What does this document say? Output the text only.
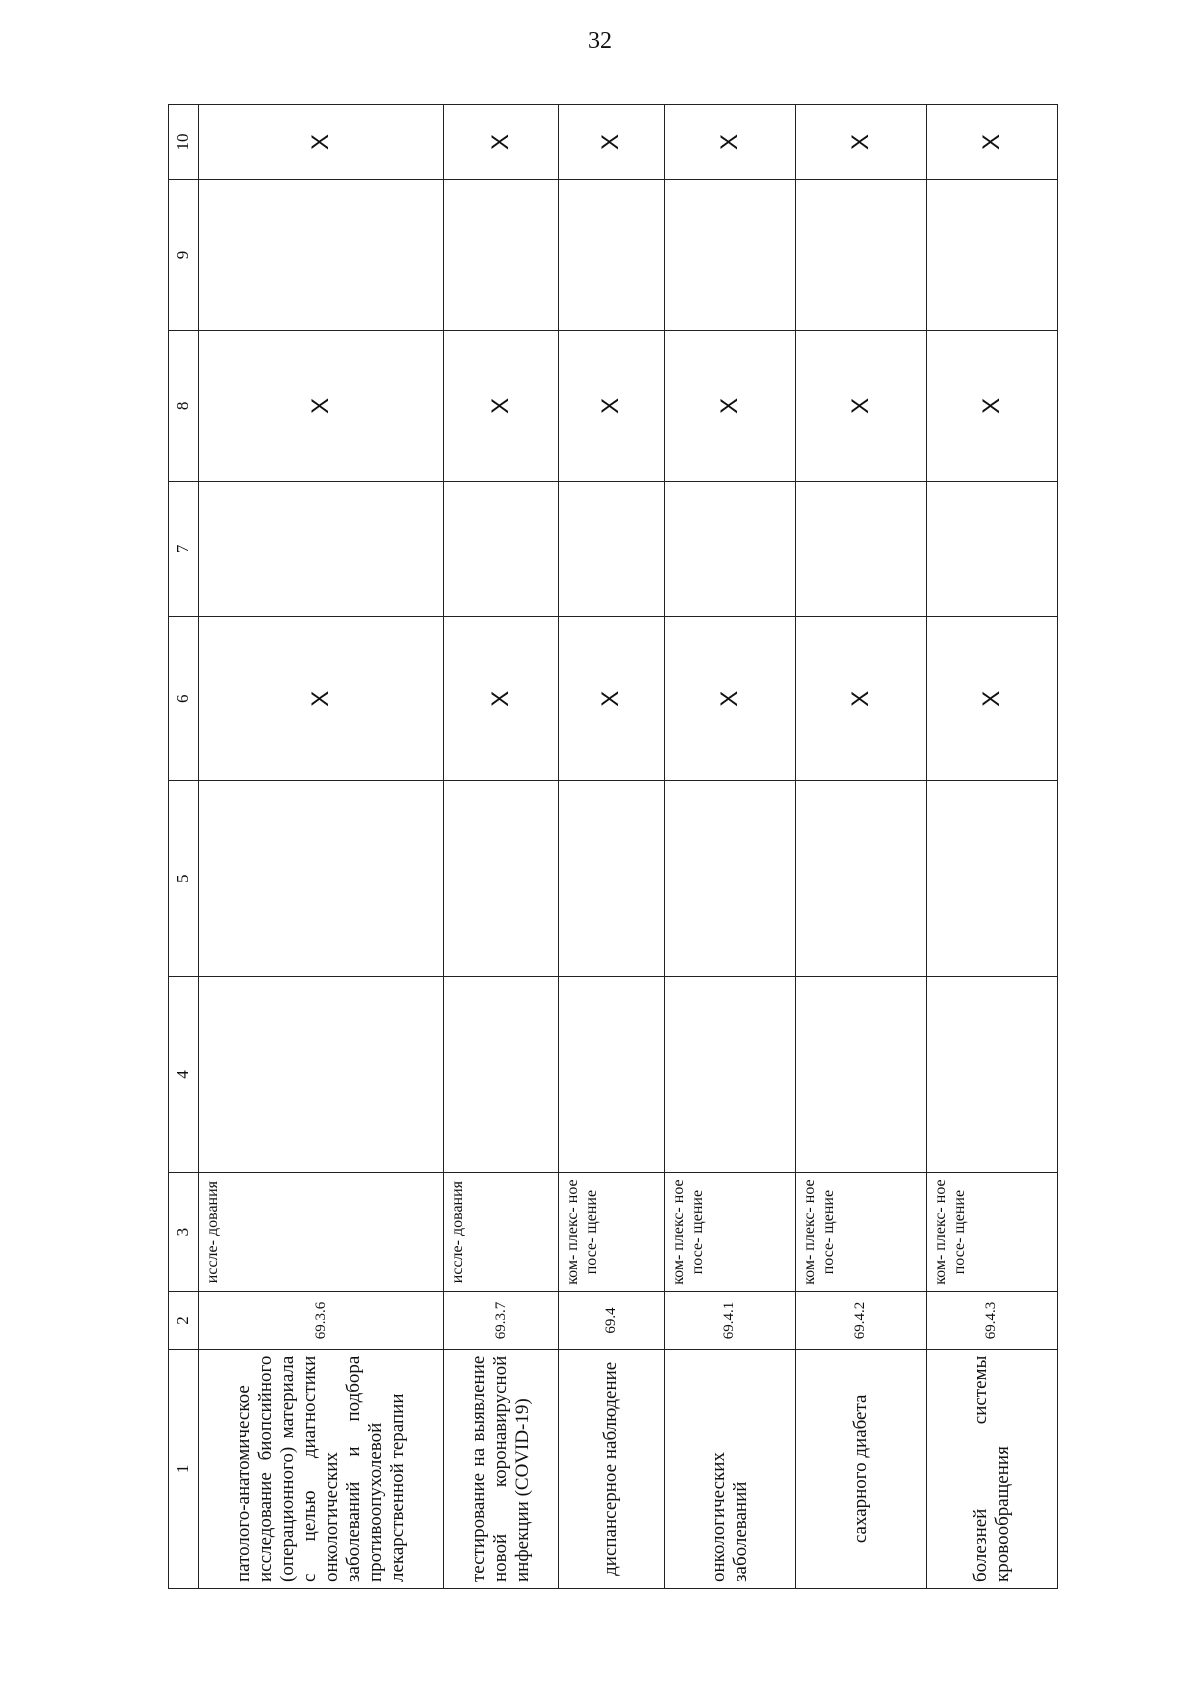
32
1	2	3	4	5	6	7	8	9	10
патолого-анатомическое исследование биопсийного (операционного) материала с целью диагностики онкологических заболеваний и подбора противоопухолевой лекарственной терапии	69.3.6	иссле- дования			X		X		X
тестирование на выявление новой коронавирусной инфекции (COVID-19)	69.3.7	иссле- дования			X		X		X
диспансерное наблюдение	69.4	ком- плекс- ное посе- щение			X		X		X
онкологических заболеваний	69.4.1	ком- плекс- ное посе- щение			X		X		X
сахарного диабета	69.4.2	ком- плекс- ное посе- щение			X		X		X
болезней системы кровообращения	69.4.3	ком- плекс- ное посе- щение			X		X		X
